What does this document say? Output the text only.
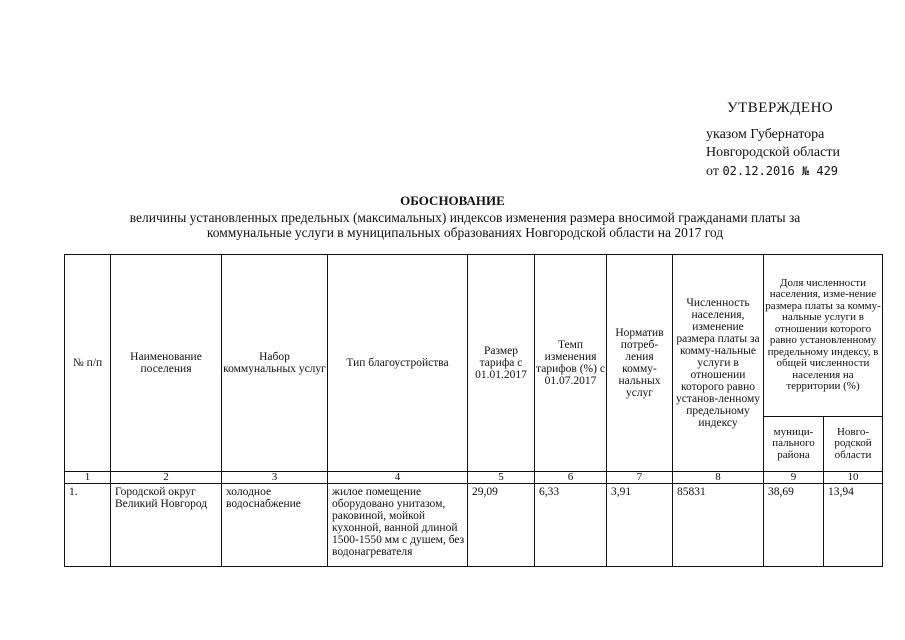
УТВЕРЖДЕНО
указом Губернатора
Новгородской области
от 02.12.2016 № 429
ОБОСНОВАНИЕ
величины установленных предельных (максимальных) индексов изменения размера вносимой гражданами платы за
коммунальные услуги в муниципальных образованиях Новгородской области на 2017 год
№ п/п	Наименование поселения	Набор коммунальных услуг	Тип благоустройства	Размер тарифа с 01.01.2017	Темп изменения тарифов (%) с 01.07.2017	Норматив потреб-ления комму-нальных услуг	Численность населения, изменение размера платы за комму-нальные услуги в отношении которого равно установ-ленному предельному индексу	Доля численности населения, изме-нение размера платы за комму-нальные услуги в отношении которого равно установленному предельному индексу, в общей численности населения на территории (%)	
								муници-пального района	Новго-родской области
1	2	3	4	5	6	7	8	9	10
1.	Городской округ Великий Новгород	холодное водоснабжение	жилое помещение оборудовано унитазом, раковиной, мойкой кухонной, ванной длиной 1500-1550 мм с душем, без водонагревателя	29,09	6,33	3,91	85831	38,69	13,94
